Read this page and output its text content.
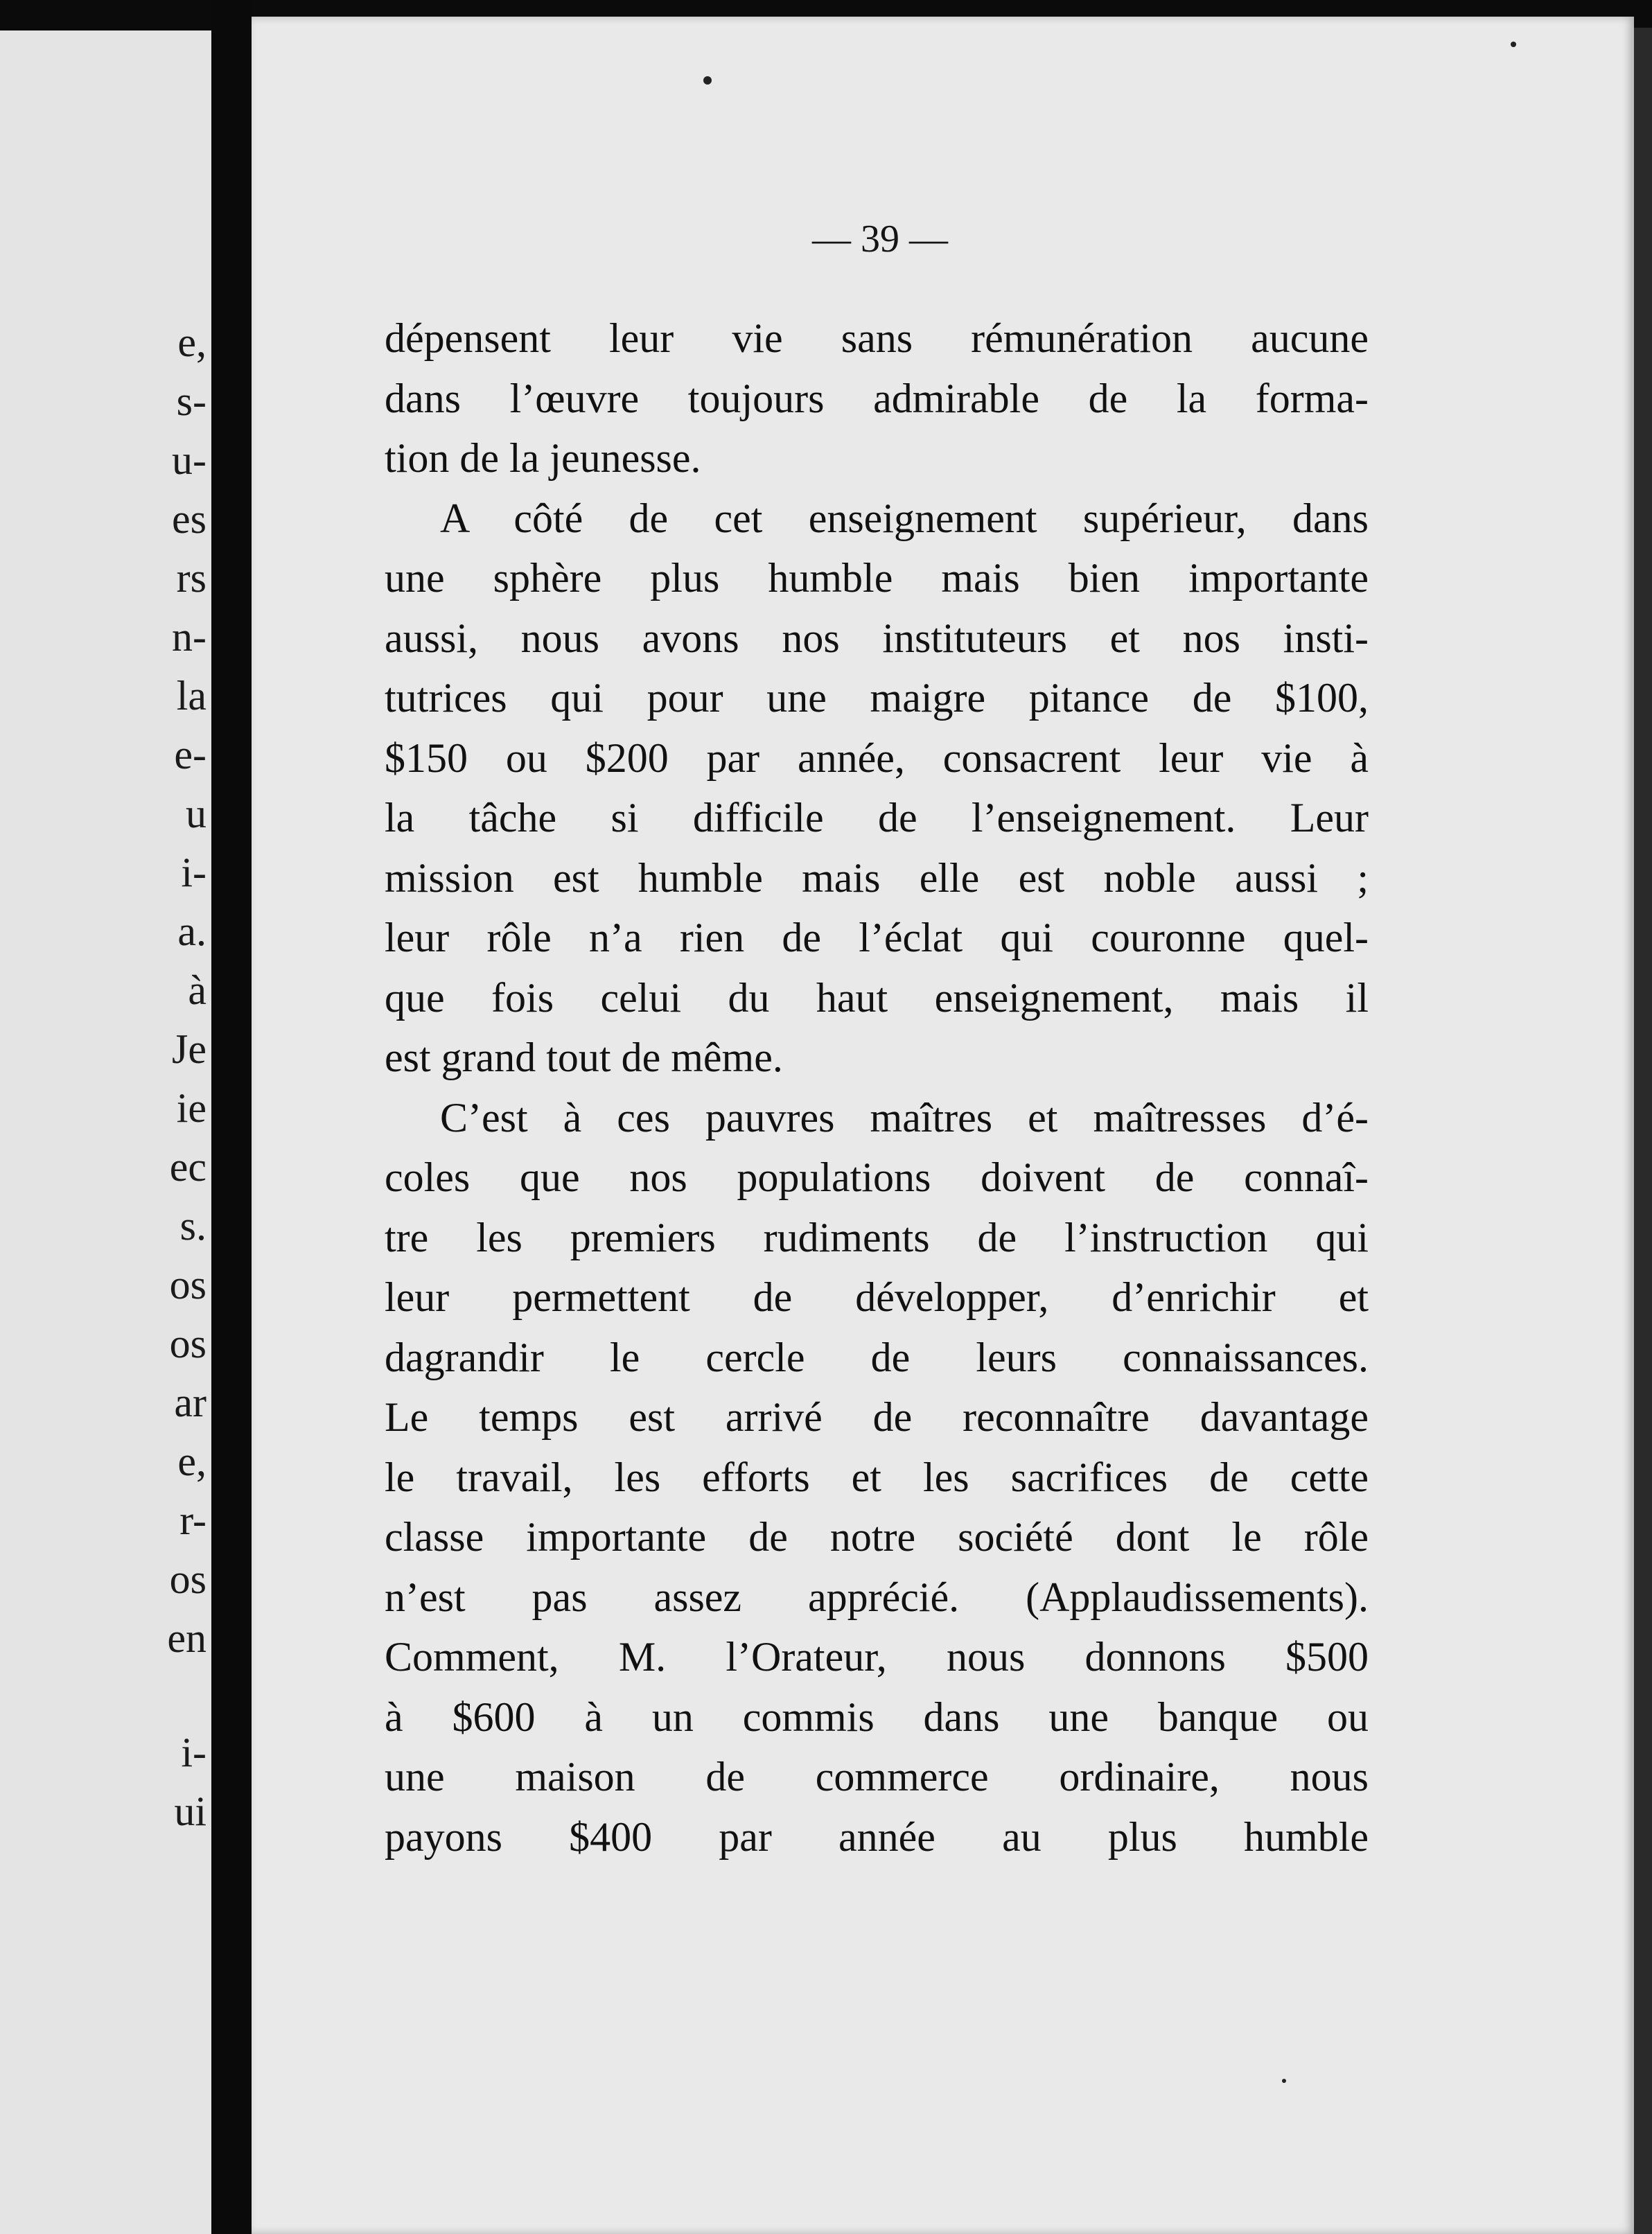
e,
s-
u-
es
rs
n-
la
e-
u
i-
a.
à
Je
ie
ec
s.
os
os
ar
e,
r-
os
en
i-
ui
— 39 —
dépensent leur vie sans rémunération aucune
dans l’œuvre toujours admirable de la forma-
tion de la jeunesse.
A côté de cet enseignement supérieur, dans
une sphère plus humble mais bien importante
aussi, nous avons nos instituteurs et nos insti-
tutrices qui pour une maigre pitance de $100,
$150 ou $200 par année, consacrent leur vie à
la tâche si difficile de l’enseignement. Leur
mission est humble mais elle est noble aussi ;
leur rôle n’a rien de l’éclat qui couronne quel-
que fois celui du haut enseignement, mais il
est grand tout de même.
C’est à ces pauvres maîtres et maîtresses d’é-
coles que nos populations doivent de connaî-
tre les premiers rudiments de l’instruction qui
leur permettent de développer, d’enrichir et
dagrandir le cercle de leurs connaissances.
Le temps est arrivé de reconnaître davantage
le travail, les efforts et les sacrifices de cette
classe importante de notre société dont le rôle
n’est pas assez apprécié. (Applaudissements).
Comment, M. l’Orateur, nous donnons $500
à $600 à un commis dans une banque ou
une maison de commerce ordinaire, nous
payons $400 par année au plus humble
